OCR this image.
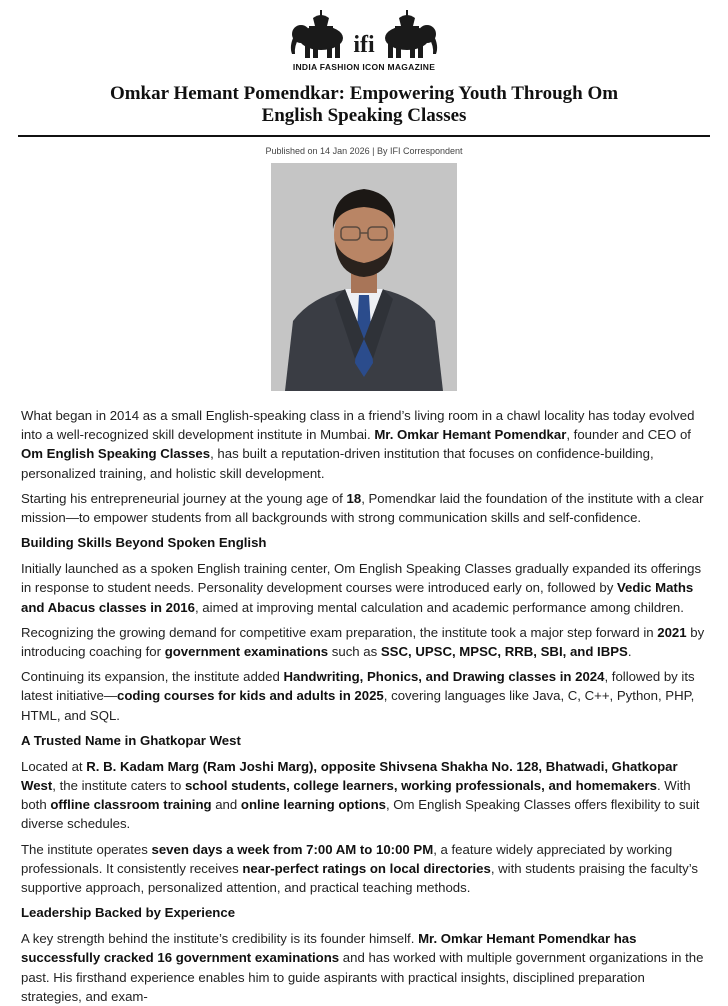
ifi
INDIA FASHION ICON MAGAZINE
Omkar Hemant Pomendkar: Empowering Youth Through Om
English Speaking Classes
Published on 14 Jan 2026 | By IFI Correspondent

What began in 2014 as a small English-speaking class in a friend’s living room in a chawl locality has today evolved into a well-recognized skill development institute in Mumbai. Mr. Omkar Hemant Pomendkar, founder and CEO of Om English Speaking Classes, has built a reputation-driven institution that focuses on confidence-building, personalized training, and holistic skill development.

Starting his entrepreneurial journey at the young age of 18, Pomendkar laid the foundation of the institute with a clear mission—to empower students from all backgrounds with strong communication skills and self-confidence.

Building Skills Beyond Spoken English

Initially launched as a spoken English training center, Om English Speaking Classes gradually expanded its offerings in response to student needs. Personality development courses were introduced early on, followed by Vedic Maths and Abacus classes in 2016, aimed at improving mental calculation and academic performance among children.

Recognizing the growing demand for competitive exam preparation, the institute took a major step forward in 2021 by introducing coaching for government examinations such as SSC, UPSC, MPSC, RRB, SBI, and IBPS.

Continuing its expansion, the institute added Handwriting, Phonics, and Drawing classes in 2024, followed by its latest initiative—coding courses for kids and adults in 2025, covering languages like Java, C, C++, Python, PHP, HTML, and SQL.

A Trusted Name in Ghatkopar West

Located at R. B. Kadam Marg (Ram Joshi Marg), opposite Shivsena Shakha No. 128, Bhatwadi, Ghatkopar West, the institute caters to school students, college learners, working professionals, and homemakers. With both offline classroom training and online learning options, Om English Speaking Classes offers flexibility to suit diverse schedules.

The institute operates seven days a week from 7:00 AM to 10:00 PM, a feature widely appreciated by working professionals. It consistently receives near-perfect ratings on local directories, with students praising the faculty’s supportive approach, personalized attention, and practical teaching methods.

Leadership Backed by Experience

A key strength behind the institute’s credibility is its founder himself. Mr. Omkar Hemant Pomendkar has successfully cracked 16 government examinations and has worked with multiple government organizations in the past. His firsthand experience enables him to guide aspirants with practical insights, disciplined preparation strategies, and exam-
